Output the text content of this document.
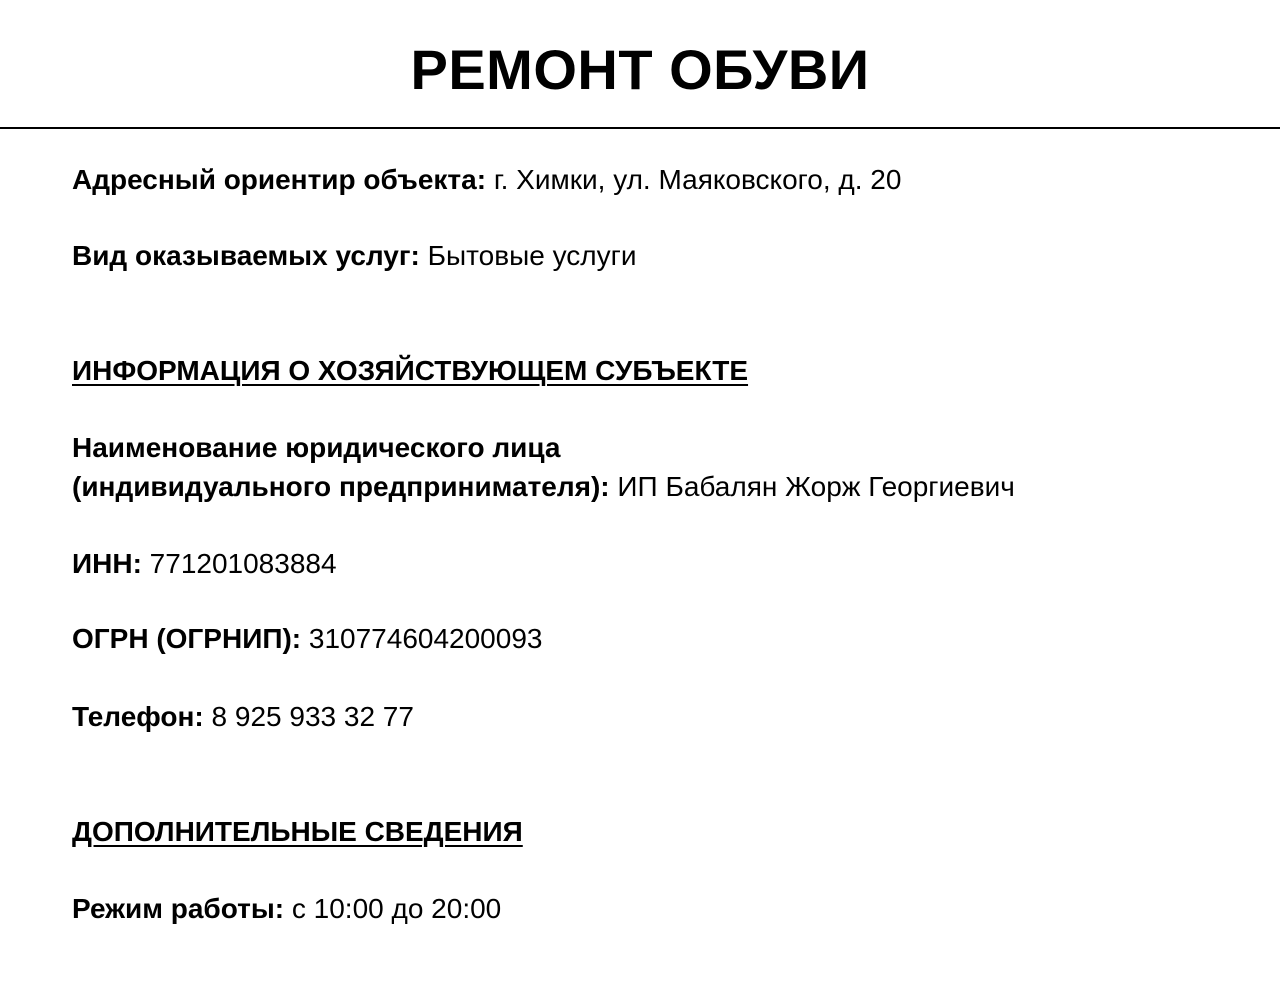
РЕМОНТ ОБУВИ
Адресный ориентир объекта: г. Химки, ул. Маяковского, д. 20
Вид оказываемых услуг: Бытовые услуги
ИНФОРМАЦИЯ О ХОЗЯЙСТВУЮЩЕМ СУБЪЕКТЕ
Наименование юридического лица
(индивидуального предпринимателя): ИП Бабалян Жорж Георгиевич
ИНН: 771201083884
ОГРН (ОГРНИП): 310774604200093
Телефон: 8 925 933 32 77
ДОПОЛНИТЕЛЬНЫЕ СВЕДЕНИЯ
Режим работы: с 10:00 до 20:00
